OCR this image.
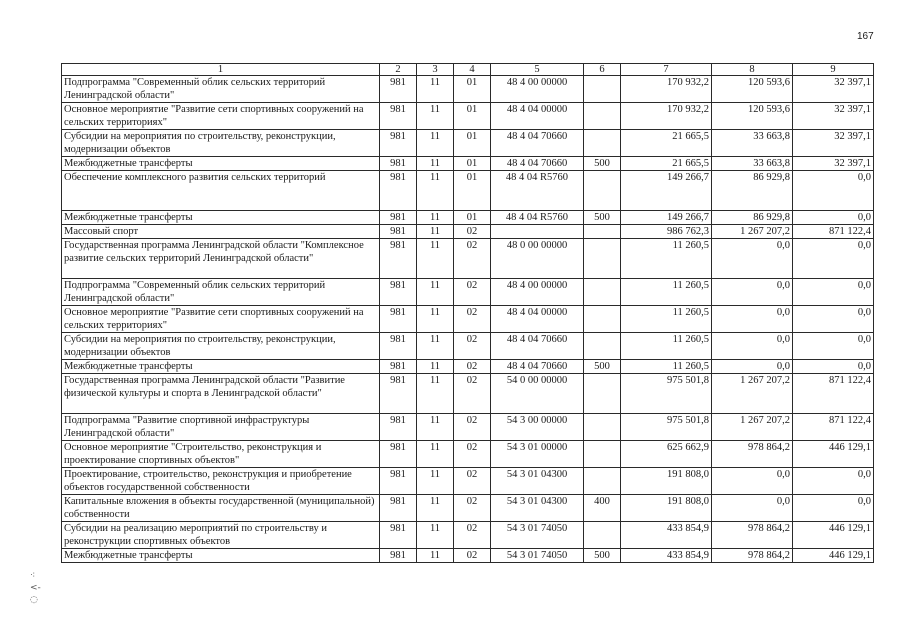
167
1	2	3	4	5	6	7	8	9
Подпрограмма "Современный облик сельских территорий Ленинградской области"	981	11	01	48 4 00 00000		170 932,2	120 593,6	32 397,1
Основное мероприятие "Развитие сети спортивных сооружений на сельских территориях"	981	11	01	48 4 04 00000		170 932,2	120 593,6	32 397,1
Субсидии на мероприятия по строительству, реконструкции, модернизации объектов	981	11	01	48 4 04 70660		21 665,5	33 663,8	32 397,1
Межбюджетные трансферты	981	11	01	48 4 04 70660	500	21 665,5	33 663,8	32 397,1
Обеспечение комплексного развития сельских территорий	981	11	01	48 4 04 R5760		149 266,7	86 929,8	0,0
Межбюджетные трансферты	981	11	01	48 4 04 R5760	500	149 266,7	86 929,8	0,0
Массовый спорт	981	11	02			986 762,3	1 267 207,2	871 122,4
Государственная программа Ленинградской области "Комплексное развитие сельских территорий Ленинградской области"	981	11	02	48 0 00 00000		11 260,5	0,0	0,0
Подпрограмма "Современный облик сельских территорий Ленинградской области"	981	11	02	48 4 00 00000		11 260,5	0,0	0,0
Основное мероприятие "Развитие сети спортивных сооружений на сельских территориях"	981	11	02	48 4 04 00000		11 260,5	0,0	0,0
Субсидии на мероприятия по строительству, реконструкции, модернизации объектов	981	11	02	48 4 04 70660		11 260,5	0,0	0,0
Межбюджетные трансферты	981	11	02	48 4 04 70660	500	11 260,5	0,0	0,0
Государственная программа Ленинградской области "Развитие физической культуры и спорта в Ленинградской области"	981	11	02	54 0 00 00000		975 501,8	1 267 207,2	871 122,4
Подпрограмма "Развитие спортивной инфраструктуры Ленинградской области"	981	11	02	54 3 00 00000		975 501,8	1 267 207,2	871 122,4
Основное мероприятие "Строительство, реконструкция и проектирование спортивных объектов"	981	11	02	54 3 01 00000		625 662,9	978 864,2	446 129,1
Проектирование, строительство, реконструкция и приобретение объектов государственной собственности	981	11	02	54 3 01 04300		191 808,0	0,0	0,0
Капитальные вложения в объекты государственной (муниципальной) собственности	981	11	02	54 3 01 04300	400	191 808,0	0,0	0,0
Субсидии на реализацию мероприятий по строительству и реконструкции спортивных объектов	981	11	02	54 3 01 74050		433 854,9	978 864,2	446 129,1
Межбюджетные трансферты	981	11	02	54 3 01 74050	500	433 854,9	978 864,2	446 129,1
⁖
<‑
◌
